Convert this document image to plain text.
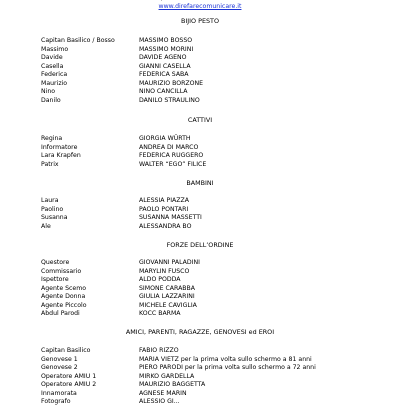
www.direfarecomunicare.it
BIJIO PESTO
Capitan Basilico / Bosso	MASSIMO BOSSO
Massimo	MASSIMO MORINI
Davide	DAVIDE AGENO
Casella	GIANNI CASELLA
Federica	FEDERICA SABA
Maurizio	MAURIZIO BORZONE
Nino	NINO CANCILLA
Danilo	DANILO STRAULINO
CATTIVI
Regina	GIORGIA WÜRTH
Informatore	ANDREA DI MARCO
Lara Krapfen	FEDERICA RUGGERO
Patrix	WALTER “EGO” FILICE
BAMBINI
Laura	ALESSIA PIAZZA
Paolino	PAOLO PONTARI
Susanna	SUSANNA MASSETTI
Ale	ALESSANDRA BO
FORZE DELL’ORDINE
Questore	GIOVANNI PALADINI
Commissario	MARYLIN FUSCO
Ispettore	ALDO PODDA
Agente Scemo	SIMONE CARABBA
Agente Donna	GIULIA LAZZARINI
Agente Piccolo	MICHELE CAVIGLIA
Abdul Parodi	KOCC BARMA
AMICI, PARENTI, RAGAZZE, GENOVESI ed EROI
Capitan Basilico	FABIO RIZZO
Genovese 1	MARIA VIETZ per la prima volta sullo schermo a 81 anni
Genovese 2	PIERO PARODI per la prima volta sullo schermo a 72 anni
Operatore AMIU 1	MIRKO GARDELLA
Operatore AMIU 2	MAURIZIO BAGGETTA
Innamorata	AGNESE MARIN
Fotografo	ALESSIO GI...
